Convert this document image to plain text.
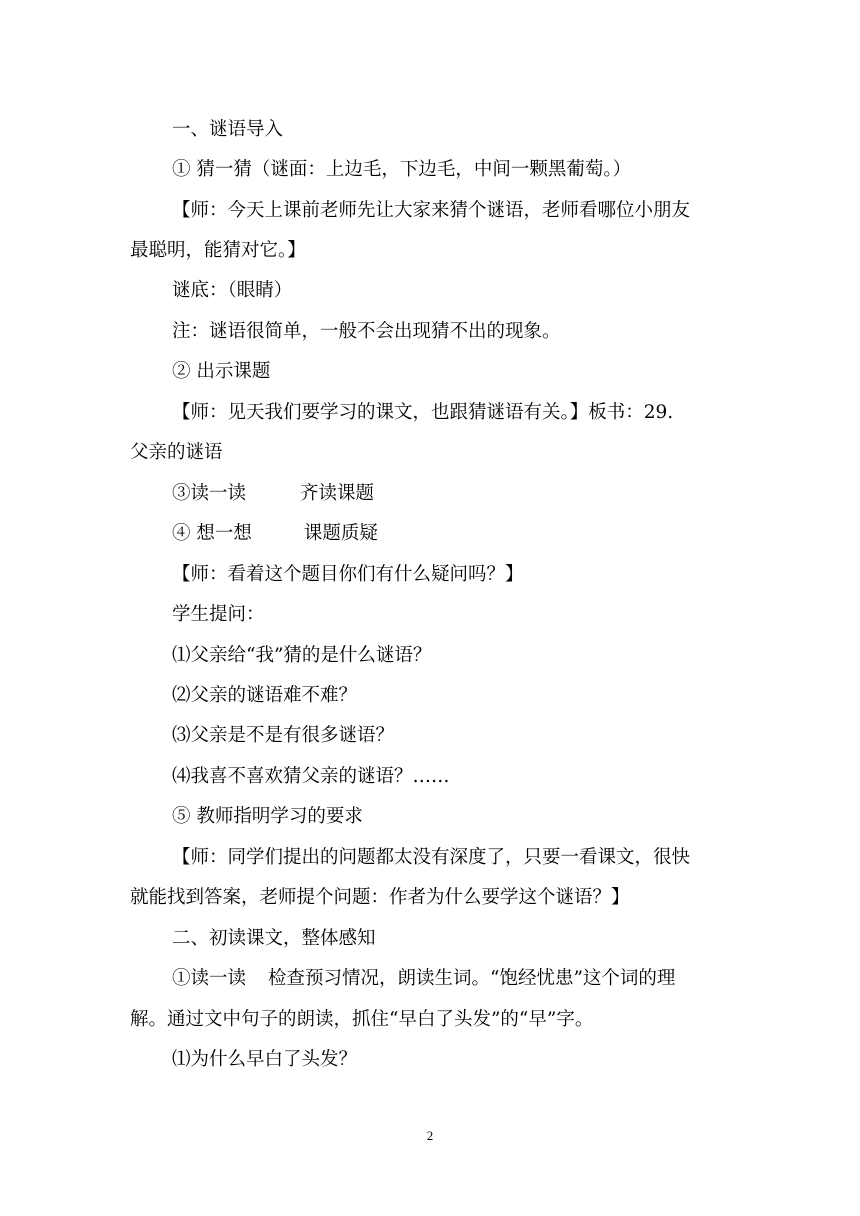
一、谜语导入
① 猜一猜（谜面：上边毛，下边毛，中间一颗黑葡萄。）
【师：今天上课前老师先让大家来猜个谜语，老师看哪位小朋友
最聪明，能猜对它。】
谜底：（眼睛）
注：谜语很简单，一般不会出现猜不出的现象。
② 出示课题
【师：见天我们要学习的课文，也跟猜谜语有关。】板书：29.
父亲的谜语
③读一读	齐读课题
④ 想一想	课题质疑
【师：看着这个题目你们有什么疑问吗？】
学生提问：
⑴父亲给“我”猜的是什么谜语？
⑵父亲的谜语难不难？
⑶父亲是不是有很多谜语？
⑷我喜不喜欢猜父亲的谜语？……
⑤ 教师指明学习的要求
【师：同学们提出的问题都太没有深度了，只要一看课文，很快
就能找到答案，老师提个问题：作者为什么要学这个谜语？】
二、初读课文，整体感知
①读一读 检查预习情况，朗读生词。“饱经忧患”这个词的理
解。通过文中句子的朗读，抓住“早白了头发”的“早”字。
⑴为什么早白了头发？
2
